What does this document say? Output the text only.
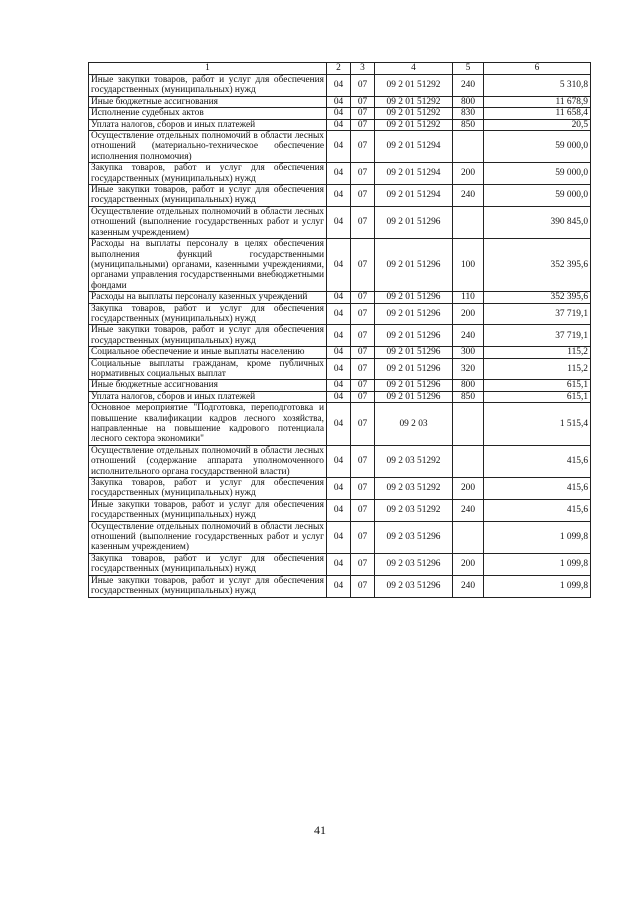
1	2	3	4	5	6
Иные закупки товаров, работ и услуг для обеспечения государственных (муниципальных) нужд	04	07	09 2 01 51292	240	5 310,8
Иные бюджетные ассигнования	04	07	09 2 01 51292	800	11 678,9
Исполнение судебных актов	04	07	09 2 01 51292	830	11 658,4
Уплата налогов, сборов и иных платежей	04	07	09 2 01 51292	850	20,5
Осуществление отдельных полномочий в области лесных отношений (материально-техническое обеспечение исполнения полномочия)	04	07	09 2 01 51294		59 000,0
Закупка товаров, работ и услуг для обеспечения государственных (муниципальных) нужд	04	07	09 2 01 51294	200	59 000,0
Иные закупки товаров, работ и услуг для обеспечения государственных (муниципальных) нужд	04	07	09 2 01 51294	240	59 000,0
Осуществление отдельных полномочий в области лесных отношений (выполнение государственных работ и услуг казенным учреждением)	04	07	09 2 01 51296		390 845,0
Расходы на выплаты персоналу в целях обеспечения выполнения функций государственными (муниципальными) органами, казенными учреждениями, органами управления государственными внебюджетными фондами	04	07	09 2 01 51296	100	352 395,6
Расходы на выплаты персоналу казенных учреждений	04	07	09 2 01 51296	110	352 395,6
Закупка товаров, работ и услуг для обеспечения государственных (муниципальных) нужд	04	07	09 2 01 51296	200	37 719,1
Иные закупки товаров, работ и услуг для обеспечения государственных (муниципальных) нужд	04	07	09 2 01 51296	240	37 719,1
Социальное обеспечение и иные выплаты населению	04	07	09 2 01 51296	300	115,2
Социальные выплаты гражданам, кроме публичных нормативных социальных выплат	04	07	09 2 01 51296	320	115,2
Иные бюджетные ассигнования	04	07	09 2 01 51296	800	615,1
Уплата налогов, сборов и иных платежей	04	07	09 2 01 51296	850	615,1
Основное мероприятие "Подготовка, переподготовка и повышение квалификации кадров лесного хозяйства, направленные на повышение кадрового потенциала лесного сектора экономики"	04	07	09 2 03		1 515,4
Осуществление отдельных полномочий в области лесных отношений (содержание аппарата уполномоченного исполнительного органа государственной власти)	04	07	09 2 03 51292		415,6
Закупка товаров, работ и услуг для обеспечения государственных (муниципальных) нужд	04	07	09 2 03 51292	200	415,6
Иные закупки товаров, работ и услуг для обеспечения государственных (муниципальных) нужд	04	07	09 2 03 51292	240	415,6
Осуществление отдельных полномочий в области лесных отношений (выполнение государственных работ и услуг казенным учреждением)	04	07	09 2 03 51296		1 099,8
Закупка товаров, работ и услуг для обеспечения государственных (муниципальных) нужд	04	07	09 2 03 51296	200	1 099,8
Иные закупки товаров, работ и услуг для обеспечения государственных (муниципальных) нужд	04	07	09 2 03 51296	240	1 099,8
41
